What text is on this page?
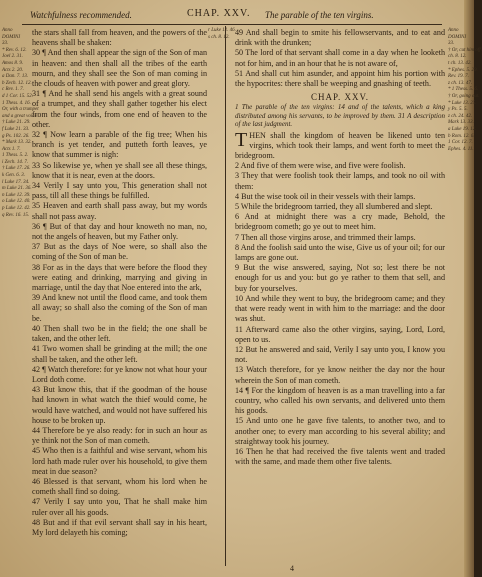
Watchfulness recommended.	CHAP. XXV. The parable of the ten virgins.
Anno
DOMINI
33.
* Rev. 6. 12.
Joel 2. 31.
Amos 8. 9.
Acts 2. 20.
a Dan. 7. 13.
b Zech. 12. 12.
c Rev. 1. 7.
d 1 Cor. 15. 52.
1 Thess. 4. 16.
Or, with a trumpet
and a great voice.
† Luke 21. 29.
f Luke 21. 33.
g Ps. 102. 26.
* Mark 13. 32.
Acts 1. 7.
1 Thess. 5. 2.
i Zech. 14. 7.
† Luke 17. 26.
k Gen. 6. 3.
l Luke 17. 34.
m Luke 21. 36.
n Luke 12. 39.
o Luke 12. 40.
p Luke 12. 42.
q Rev. 16. 15.
r Luke 12. 46.
s ch. 8. 12.
Anno
DOMINI
33.
† Or, cut him off.
ch. 8. 12.
t ch. 13. 42.
* Ephes. 5. 29.
Rev. 19. 7.
z ch. 13. 47.
* 1 Thess. 5. 6.
† Or, going out.
* Luke 13. 25.
y Ps. 5. 5.
z ch. 24. 42.
Mark 13. 33.
a Luke 19. 12.
b Rom. 12. 6.
1 Cor. 12. 7.
Ephes. 4. 11.

the stars shall fall from heaven, and the powers of the heavens shall be shaken:

30 ¶ And then shall appear the sign of the Son of man in heaven: and then shall all the tribes of the earth mourn, and they shall see the Son of man coming in the clouds of heaven with power and great glory.

31 ¶ And he shall send his angels with a great sound of a trumpet, and they shall gather together his elect from the four winds, from one end of heaven to the other.

32 ¶ Now learn a parable of the fig tree; When his branch is yet tender, and putteth forth leaves, ye know that summer is nigh:

33 So likewise ye, when ye shall see all these things, know that it is near, even at the doors.

34 Verily I say unto you, This generation shall not pass, till all these things be fulfilled.

35 Heaven and earth shall pass away, but my words shall not pass away.

36 ¶ But of that day and hour knoweth no man, no, not the angels of heaven, but my Father only.

37 But as the days of Noe were, so shall also the coming of the Son of man be.

38 For as in the days that were before the flood they were eating and drinking, marrying and giving in marriage, until the day that Noe entered into the ark,

39 And knew not until the flood came, and took them all away; so shall also the coming of the Son of man be.

40 Then shall two be in the field; the one shall be taken, and the other left.

41 Two women shall be grinding at the mill; the one shall be taken, and the other left.

42 ¶ Watch therefore: for ye know not what hour your Lord doth come.

43 But know this, that if the goodman of the house had known in what watch the thief would come, he would have watched, and would not have suffered his house to be broken up.

44 Therefore be ye also ready: for in such an hour as ye think not the Son of man cometh.

45 Who then is a faithful and wise servant, whom his lord hath made ruler over his household, to give them meat in due season?

46 Blessed is that servant, whom his lord when he cometh shall find so doing.

47 Verily I say unto you, That he shall make him ruler over all his goods.

48 But and if that evil servant shall say in his heart, My lord delayeth his coming;

49 And shall begin to smite his fellowservants, and to eat and drink with the drunken;

50 The lord of that servant shall come in a day when he looketh not for him, and in an hour that he is not aware of,

51 And shall cut him asunder, and appoint him his portion with the hypocrites: there shall be weeping and gnashing of teeth.

CHAP. XXV.
1 The parable of the ten virgins: 14 and of the talents, which a king distributed among his servants, to be improved by them. 31 A description of the last judgment.

THEN shall the kingdom of heaven be likened unto ten virgins, which took their lamps, and went forth to meet the bridegroom.

2 And five of them were wise, and five were foolish.

3 They that were foolish took their lamps, and took no oil with them:

4 But the wise took oil in their vessels with their lamps.

5 While the bridegroom tarried, they all slumbered and slept.

6 And at midnight there was a cry made, Behold, the bridegroom cometh; go ye out to meet him.

7 Then all those virgins arose, and trimmed their lamps.

8 And the foolish said unto the wise, Give us of your oil; for our lamps are gone out.

9 But the wise answered, saying, Not so; lest there be not enough for us and you: but go ye rather to them that sell, and buy for yourselves.

10 And while they went to buy, the bridegroom came; and they that were ready went in with him to the marriage: and the door was shut.

11 Afterward came also the other virgins, saying, Lord, Lord, open to us.

12 But he answered and said, Verily I say unto you, I know you not.

13 Watch therefore, for ye know neither the day nor the hour wherein the Son of man cometh.

14 ¶ For the kingdom of heaven is as a man travelling into a far country, who called his own servants, and delivered unto them his goods.

15 And unto one he gave five talents, to another two, and to another one; to every man according to his several ability; and straightway took his journey.

16 Then he that had received the five talents went and traded with the same, and made them other five talents.

4
